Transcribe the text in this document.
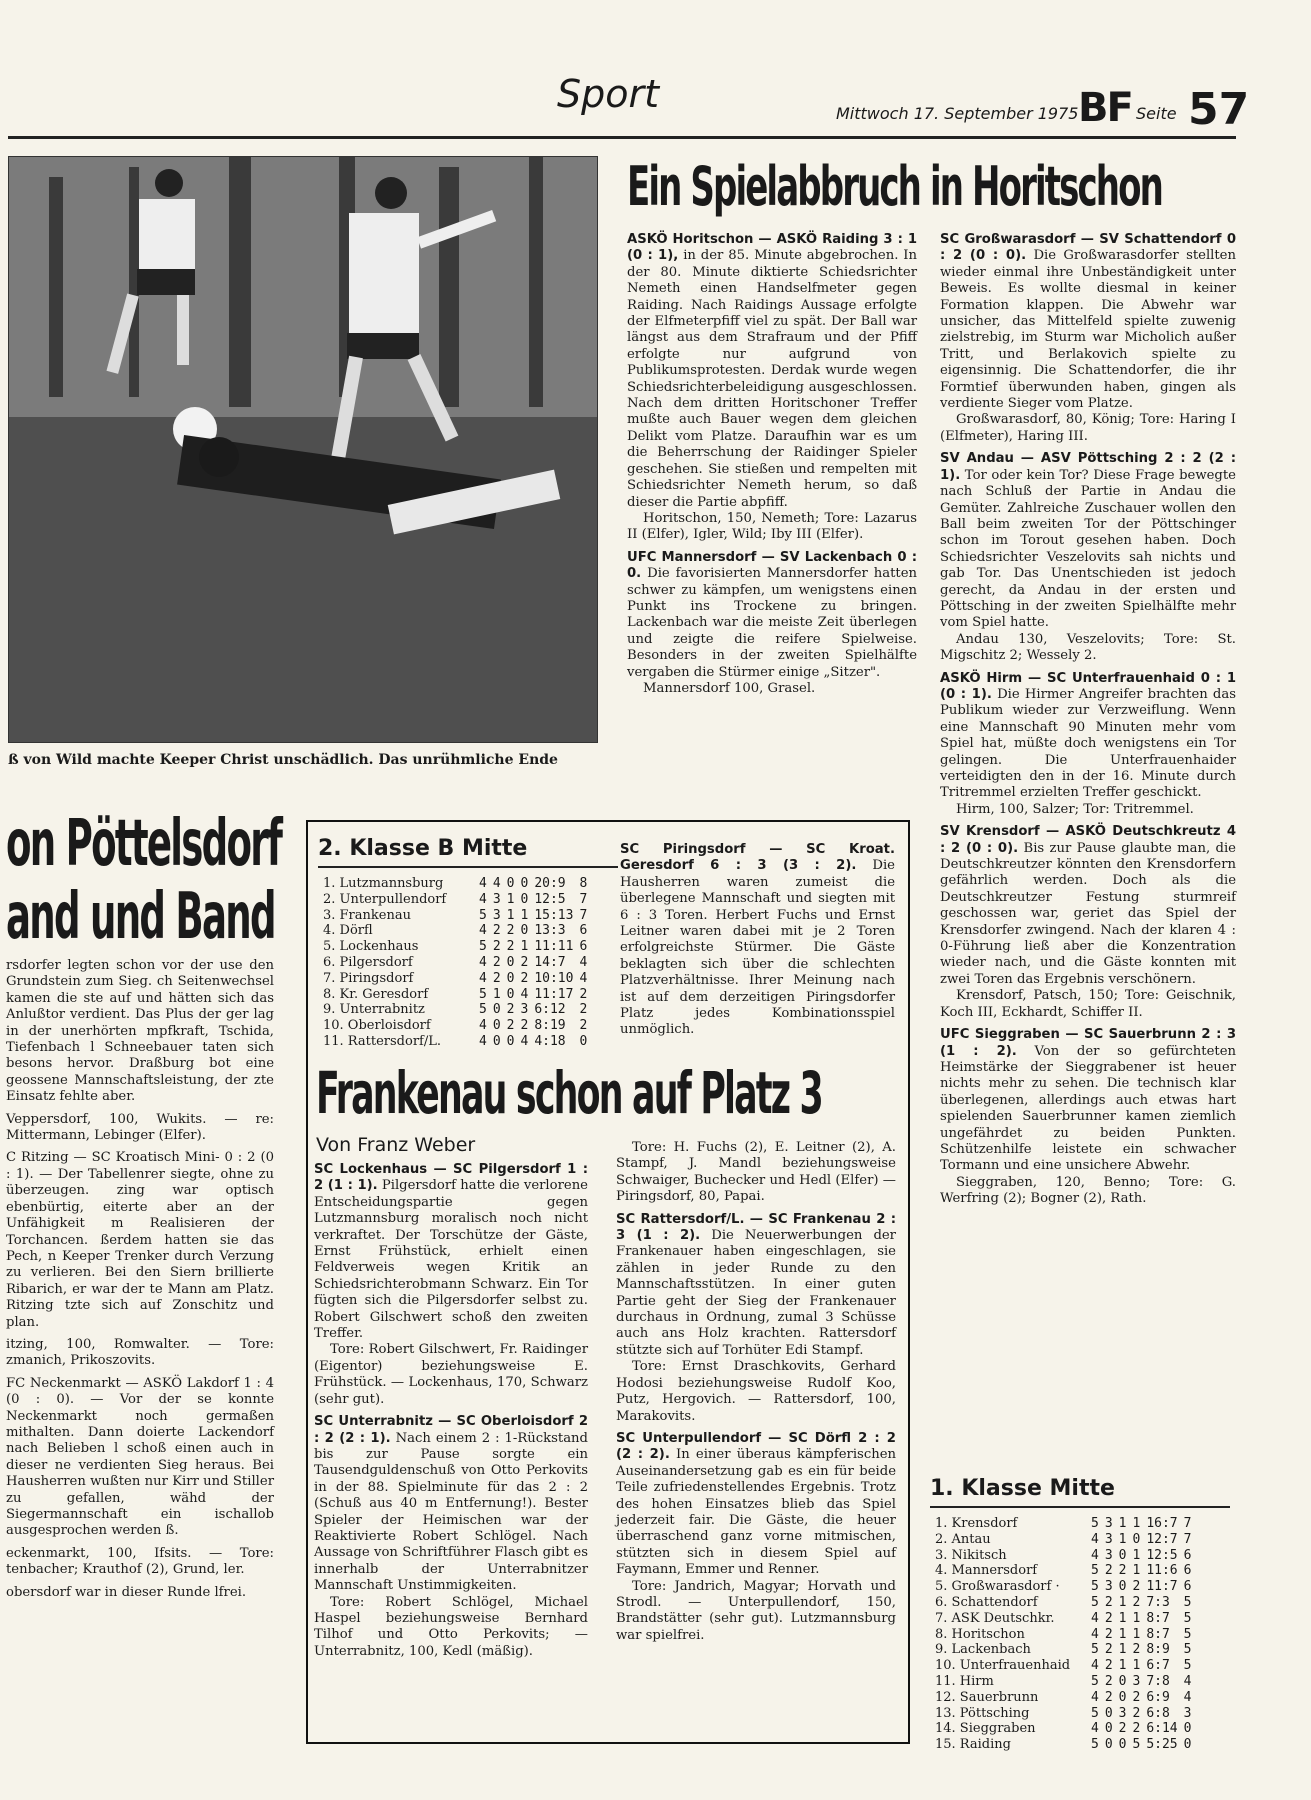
Sport	Mittwoch 17. September 1975 BF Seite 57
ß von Wild machte Keeper Christ unschädlich. Das unrühmliche Ende
Ein Spielabbruch in Horitschon

ASKÖ Horitschon — ASKÖ Raiding 3 : 1 (0 : 1), in der 85. Minute abgebrochen. In der 80. Minute diktierte Schiedsrichter Nemeth einen Handselfmeter gegen Raiding. Nach Raidings Aussage erfolgte der Elfmeterpfiff viel zu spät. Der Ball war längst aus dem Strafraum und der Pfiff erfolgte nur aufgrund von Publikumsprotesten. Derdak wurde wegen Schiedsrichterbeleidigung ausgeschlossen. Nach dem dritten Horitschoner Treffer mußte auch Bauer wegen dem gleichen Delikt vom Platze. Daraufhin war es um die Beherrschung der Raidinger Spieler geschehen. Sie stießen und rempelten mit Schiedsrichter Nemeth herum, so daß dieser die Partie abpfiff.
Horitschon, 150, Nemeth; Tore: Lazarus II (Elfer), Igler, Wild; Iby III (Elfer).

UFC Mannersdorf — SV Lackenbach 0 : 0. Die favorisierten Mannersdorfer hatten schwer zu kämpfen, um wenigstens einen Punkt ins Trockene zu bringen. Lackenbach war die meiste Zeit überlegen und zeigte die reifere Spielweise. Besonders in der zweiten Spielhälfte vergaben die Stürmer einige „Sitzer".
Mannersdorf 100, Grasel.

SC Großwarasdorf — SV Schattendorf 0 : 2 (0 : 0). Die Großwarasdorfer stellten wieder einmal ihre Unbeständigkeit unter Beweis. Es wollte diesmal in keiner Formation klappen. Die Abwehr war unsicher, das Mittelfeld spielte zuwenig zielstrebig, im Sturm war Micholich außer Tritt, und Berlakovich spielte zu eigensinnig. Die Schattendorfer, die ihr Formtief überwunden haben, gingen als verdiente Sieger vom Platze.
Großwarasdorf, 80, König; Tore: Haring I (Elfmeter), Haring III.

SV Andau — ASV Pöttsching 2 : 2 (2 : 1). Tor oder kein Tor? Diese Frage bewegte nach Schluß der Partie in Andau die Gemüter. Zahlreiche Zuschauer wollen den Ball beim zweiten Tor der Pöttschinger schon im Torout gesehen haben. Doch Schiedsrichter Veszelovits sah nichts und gab Tor. Das Unentschieden ist jedoch gerecht, da Andau in der ersten und Pöttsching in der zweiten Spielhälfte mehr vom Spiel hatte.
Andau 130, Veszelovits; Tore: St. Migschitz 2; Wessely 2.

ASKÖ Hirm — SC Unterfrauenhaid 0 : 1 (0 : 1). Die Hirmer Angreifer brachten das Publikum wieder zur Verzweiflung. Wenn eine Mannschaft 90 Minuten mehr vom Spiel hat, müßte doch wenigstens ein Tor gelingen. Die Unterfrauenhaider verteidigten den in der 16. Minute durch Tritremmel erzielten Treffer geschickt.
Hirm, 100, Salzer; Tor: Tritremmel.

SV Krensdorf — ASKÖ Deutschkreutz 4 : 2 (0 : 0). Bis zur Pause glaubte man, die Deutschkreutzer könnten den Krensdorfern gefährlich werden. Doch als die Deutschkreutzer Festung sturmreif geschossen war, geriet das Spiel der Krensdorfer zwingend. Nach der klaren 4 : 0-Führung ließ aber die Konzentration wieder nach, und die Gäste konnten mit zwei Toren das Ergebnis verschönern.
Krensdorf, Patsch, 150; Tore: Geischnik, Koch III, Eckhardt, Schiffer II.

UFC Sieggraben — SC Sauerbrunn 2 : 3 (1 : 2). Von der so gefürchteten Heimstärke der Sieggrabener ist heuer nichts mehr zu sehen. Die technisch klar überlegenen, allerdings auch etwas hart spielenden Sauerbrunner kamen ziemlich ungefährdet zu beiden Punkten. Schützenhilfe leistete ein schwacher Tormann und eine unsichere Abwehr.
Sieggraben, 120, Benno; Tore: G. Werfring (2); Bogner (2), Rath.

on Pöttelsdorf
and und Band

rsdorfer legten schon vor der use den Grundstein zum Sieg. ch Seitenwechsel kamen die ste auf und hätten sich das Anlußtor verdient. Das Plus der ger lag in der unerhörten mpfkraft, Tschida, Tiefenbach l Schneebauer taten sich besons hervor. Draßburg bot eine geossene Mannschaftsleistung, der zte Einsatz fehlte aber.

Veppersdorf, 100, Wukits. — re: Mittermann, Lebinger (Elfer).

C Ritzing — SC Kroatisch Mini- 0 : 2 (0 : 1). — Der Tabellenrer siegte, ohne zu überzeugen. zing war optisch ebenbürtig, eiterte aber an der Unfähigkeit m Realisieren der Torchancen. ßerdem hatten sie das Pech, n Keeper Trenker durch Verzung zu verlieren. Bei den Siern brillierte Ribarich, er war der te Mann am Platz. Ritzing tzte sich auf Zonschitz und plan.

itzing, 100, Romwalter. — Tore: zmanich, Prikoszovits.

FC Neckenmarkt — ASKÖ Lakdorf 1 : 4 (0 : 0). — Vor der se konnte Neckenmarkt noch germaßen mithalten. Dann doierte Lackendorf nach Belieben l schoß einen auch in dieser ne verdienten Sieg heraus. Bei Hausherren wußten nur Kirr und Stiller zu gefallen, wähd der Siegermannschaft ein ischallob ausgesprochen werden ß.

eckenmarkt, 100, Ifsits. — Tore: tenbacher; Krauthof (2), Grund, ler.

obersdorf war in dieser Runde lfrei.

2. Klasse B Mitte
1. Lutzmannsburg	4	4	0	0	20:9	8
2. Unterpullendorf	4	3	1	0	12:5	7
3. Frankenau	5	3	1	1	15:13	7
4. Dörfl	4	2	2	0	13:3	6
5. Lockenhaus	5	2	2	1	11:11	6
6. Pilgersdorf	4	2	0	2	14:7	4
7. Piringsdorf	4	2	0	2	10:10	4
8. Kr. Geresdorf	5	1	0	4	11:17	2
9. Unterrabnitz	5	0	2	3	6:12	2
10. Oberloisdorf	4	0	2	2	8:19	2
11. Rattersdorf/L.	4	0	0	4	4:18	0

SC Piringsdorf — SC Kroat. Geresdorf 6 : 3 (3 : 2). Die Hausherren waren zumeist die überlegene Mannschaft und siegten mit 6 : 3 Toren. Herbert Fuchs und Ernst Leitner waren dabei mit je 2 Toren erfolgreichste Stürmer. Die Gäste beklagten sich über die schlechten Platzverhältnisse. Ihrer Meinung nach ist auf dem derzeitigen Piringsdorfer Platz jedes Kombinationsspiel unmöglich.

Frankenau schon auf Platz 3
Von Franz Weber

SC Lockenhaus — SC Pilgersdorf 1 : 2 (1 : 1). Pilgersdorf hatte die verlorene Entscheidungspartie gegen Lutzmannsburg moralisch noch nicht verkraftet. Der Torschütze der Gäste, Ernst Frühstück, erhielt einen Feldverweis wegen Kritik an Schiedsrichterobmann Schwarz. Ein Tor fügten sich die Pilgersdorfer selbst zu. Robert Gilschwert schoß den zweiten Treffer.
Tore: Robert Gilschwert, Fr. Raidinger (Eigentor) beziehungsweise E. Frühstück. — Lockenhaus, 170, Schwarz (sehr gut).

SC Unterrabnitz — SC Oberloisdorf 2 : 2 (2 : 1). Nach einem 2 : 1-Rückstand bis zur Pause sorgte ein Tausendguldenschuß von Otto Perkovits in der 88. Spielminute für das 2 : 2 (Schuß aus 40 m Entfernung!). Bester Spieler der Heimischen war der Reaktivierte Robert Schlögel. Nach Aussage von Schriftführer Flasch gibt es innerhalb der Unterrabnitzer Mannschaft Unstimmigkeiten.
Tore: Robert Schlögel, Michael Haspel beziehungsweise Bernhard Tilhof und Otto Perkovits; — Unterrabnitz, 100, Kedl (mäßig).

Tore: H. Fuchs (2), E. Leitner (2), A. Stampf, J. Mandl beziehungsweise Schwaiger, Buchecker und Hedl (Elfer) — Piringsdorf, 80, Papai.

SC Rattersdorf/L. — SC Frankenau 2 : 3 (1 : 2). Die Neuerwerbungen der Frankenauer haben eingeschlagen, sie zählen in jeder Runde zu den Mannschaftsstützen. In einer guten Partie geht der Sieg der Frankenauer durchaus in Ordnung, zumal 3 Schüsse auch ans Holz krachten. Rattersdorf stützte sich auf Torhüter Edi Stampf.
Tore: Ernst Draschkovits, Gerhard Hodosi beziehungsweise Rudolf Koo, Putz, Hergovich. — Rattersdorf, 100, Marakovits.

SC Unterpullendorf — SC Dörfl 2 : 2 (2 : 2). In einer überaus kämpferischen Auseinandersetzung gab es ein für beide Teile zufriedenstellendes Ergebnis. Trotz des hohen Einsatzes blieb das Spiel jederzeit fair. Die Gäste, die heuer überraschend ganz vorne mitmischen, stützten sich in diesem Spiel auf Faymann, Emmer und Renner.
Tore: Jandrich, Magyar; Horvath und Strodl. — Unterpullendorf, 150, Brandstätter (sehr gut). Lutzmannsburg war spielfrei.

1. Klasse Mitte
1. Krensdorf	5	3	1	1	16:7	7
2. Antau	4	3	1	0	12:7	7
3. Nikitsch	4	3	0	1	12:5	6
4. Mannersdorf	5	2	2	1	11:6	6
5. Großwarasdorf ·	5	3	0	2	11:7	6
6. Schattendorf	5	2	1	2	7:3	5
7. ASK Deutschkr.	4	2	1	1	8:7	5
8. Horitschon	4	2	1	1	8:7	5
9. Lackenbach	5	2	1	2	8:9	5
10. Unterfrauenhaid	4	2	1	1	6:7	5
11. Hirm	5	2	0	3	7:8	4
12. Sauerbrunn	4	2	0	2	6:9	4
13. Pöttsching	5	0	3	2	6:8	3
14. Sieggraben	4	0	2	2	6:14	0
15. Raiding	5	0	0	5	5:25	0
